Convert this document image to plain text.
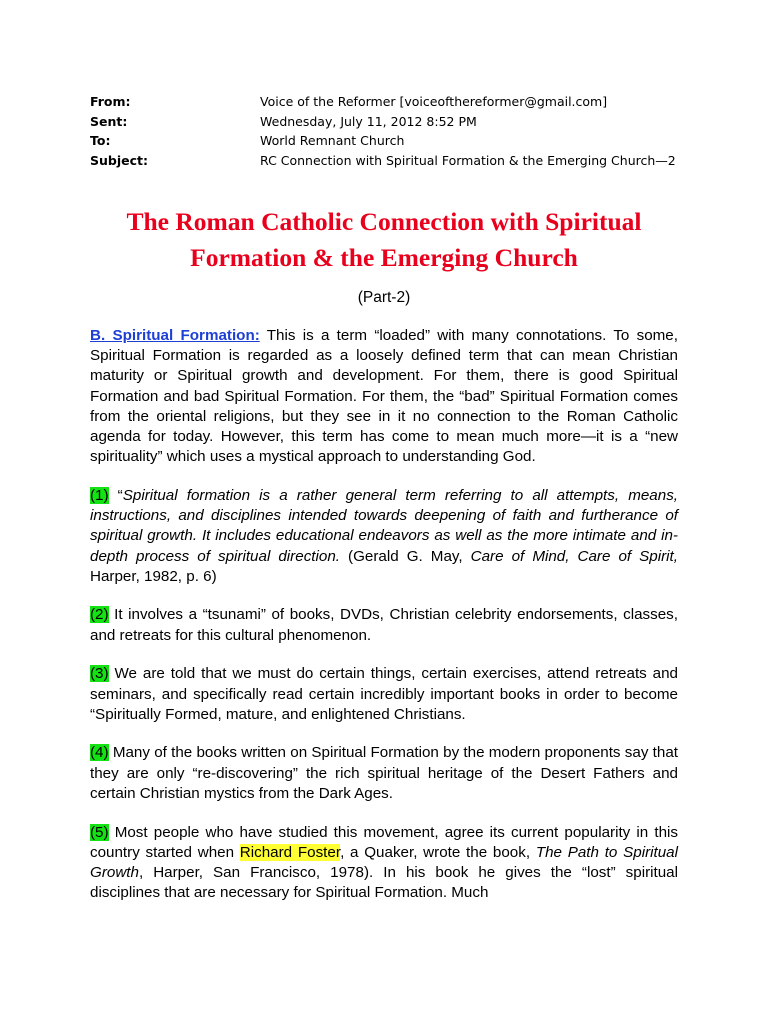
From:	Voice of the Reformer [voiceofthereformer@gmail.com]
Sent:	Wednesday, July 11, 2012 8:52 PM
To:	World Remnant Church
Subject:	RC Connection with Spiritual Formation & the Emerging Church—2
The Roman Catholic Connection with Spiritual
Formation & the Emerging Church
(Part-2)

B. Spiritual Formation: This is a term “loaded” with many connotations. To some, Spiritual Formation is regarded as a loosely defined term that can mean Christian maturity or Spiritual growth and development. For them, there is good Spiritual Formation and bad Spiritual Formation. For them, the “bad” Spiritual Formation comes from the oriental religions, but they see in it no connection to the Roman Catholic agenda for today. However, this term has come to mean much more—it is a “new spirituality” which uses a mystical approach to understanding God.

(1) “Spiritual formation is a rather general term referring to all attempts, means, instructions, and disciplines intended towards deepening of faith and furtherance of spiritual growth. It includes educational endeavors as well as the more intimate and in-depth process of spiritual direction. (Gerald G. May, Care of Mind, Care of Spirit, Harper, 1982, p. 6)

(2) It involves a “tsunami” of books, DVDs, Christian celebrity endorsements, classes, and retreats for this cultural phenomenon.

(3) We are told that we must do certain things, certain exercises, attend retreats and seminars, and specifically read certain incredibly important books in order to become “Spiritually Formed, mature, and enlightened Christians.

(4) Many of the books written on Spiritual Formation by the modern proponents say that they are only “re-discovering” the rich spiritual heritage of the Desert Fathers and certain Christian mystics from the Dark Ages.

(5) Most people who have studied this movement, agree its current popularity in this country started when Richard Foster, a Quaker, wrote the book, The Path to Spiritual Growth, Harper, San Francisco, 1978). In his book he gives the “lost” spiritual disciplines that are necessary for Spiritual Formation. Much
